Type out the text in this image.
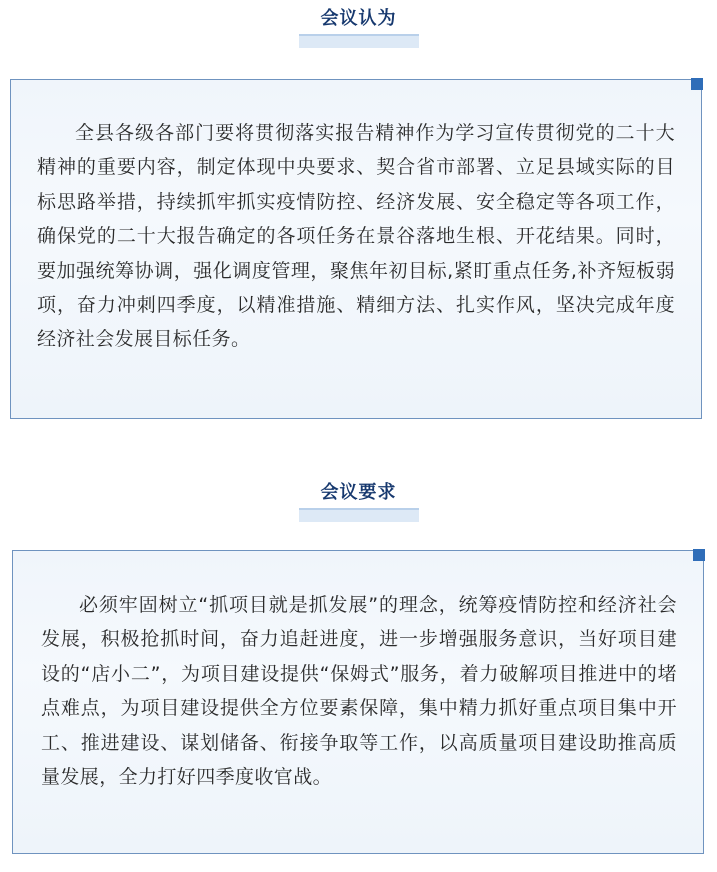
会议认为
全县各级各部门要将贯彻落实报告精神作为学习宣传贯彻党的二十大精神的重要内容，制定体现中央要求、契合省市部署、立足县域实际的目标思路举措，持续抓牢抓实疫情防控、经济发展、安全稳定等各项工作，确保党的二十大报告确定的各项任务在景谷落地生根、开花结果。同时，要加强统筹协调，强化调度管理，聚焦年初目标,紧盯重点任务,补齐短板弱项，奋力冲刺四季度，以精准措施、精细方法、扎实作风，坚决完成年度经济社会发展目标任务。
会议要求
必须牢固树立“抓项目就是抓发展”的理念，统筹疫情防控和经济社会发展，积极抢抓时间，奋力追赶进度，进一步增强服务意识，当好项目建设的“店小二”，为项目建设提供“保姆式”服务，着力破解项目推进中的堵点难点，为项目建设提供全方位要素保障，集中精力抓好重点项目集中开工、推进建设、谋划储备、衔接争取等工作，以高质量项目建设助推高质量发展，全力打好四季度收官战。
